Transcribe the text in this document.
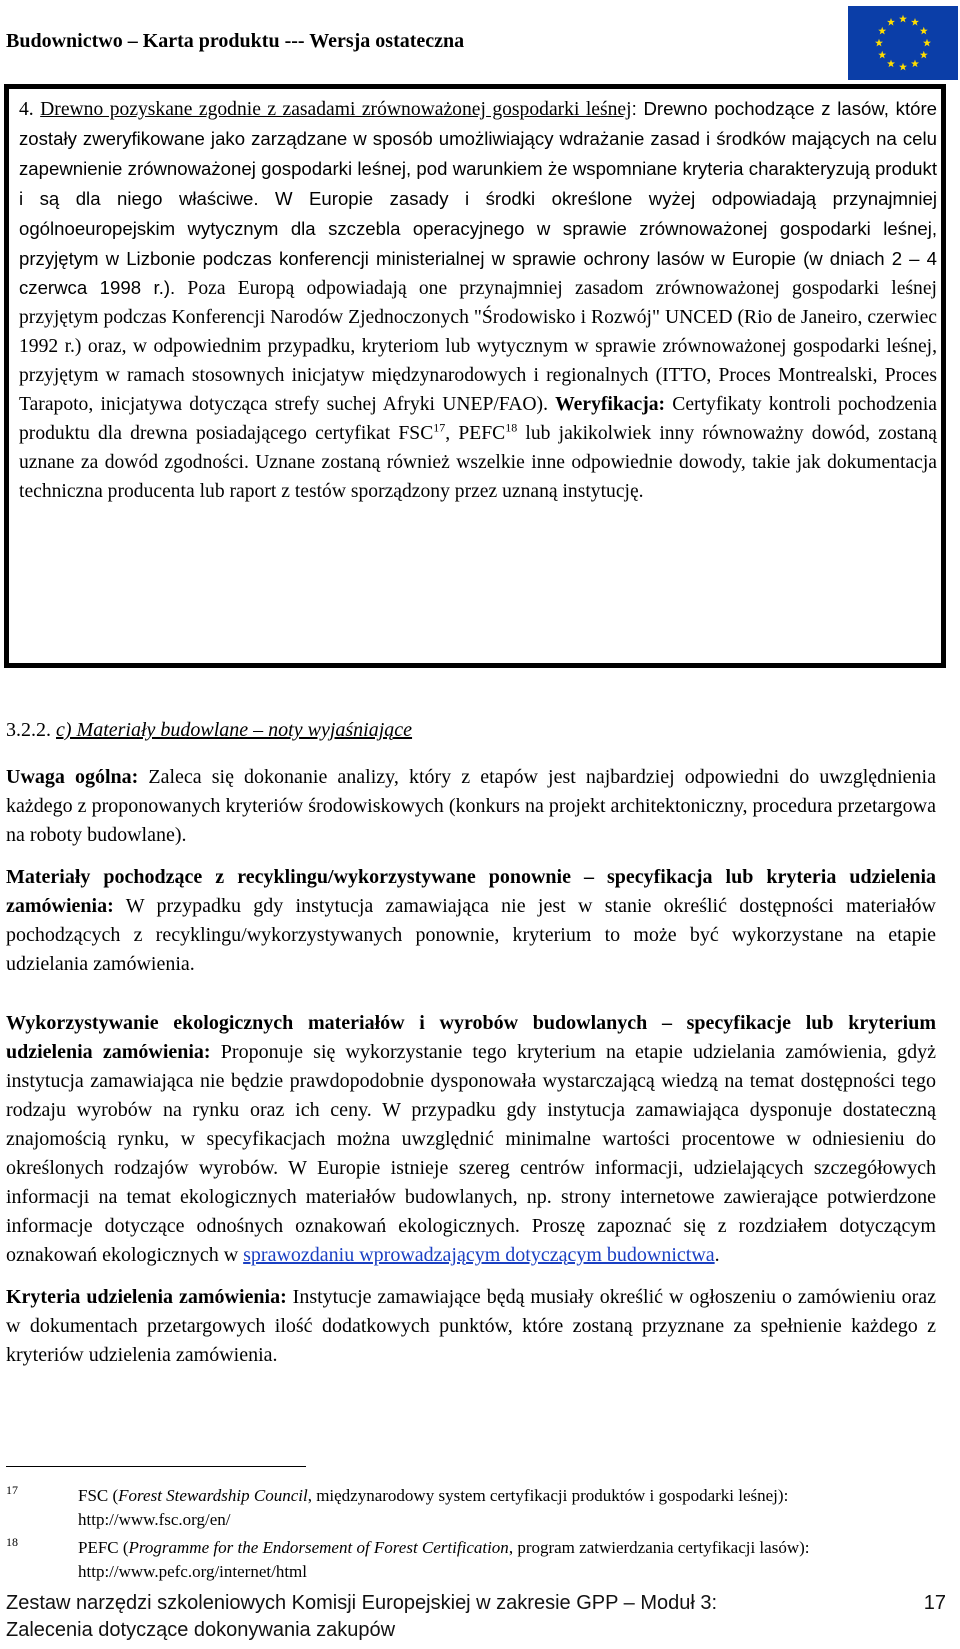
Budownictwo – Karta produktu --- Wersja ostateczna
4. Drewno pozyskane zgodnie z zasadami zrównoważonej gospodarki leśnej: Drewno pochodzące z lasów, które zostały zweryfikowane jako zarządzane w sposób umożliwiający wdrażanie zasad i środków mających na celu zapewnienie zrównoważonej gospodarki leśnej, pod warunkiem że wspomniane kryteria charakteryzują produkt i są dla niego właściwe. W Europie zasady i środki określone wyżej odpowiadają przynajmniej ogólnoeuropejskim wytycznym dla szczebla operacyjnego w sprawie zrównoważonej gospodarki leśnej, przyjętym w Lizbonie podczas konferencji ministerialnej w sprawie ochrony lasów w Europie (w dniach 2 – 4 czerwca 1998 r.). Poza Europą odpowiadają one przynajmniej zasadom zrównoważonej gospodarki leśnej przyjętym podczas Konferencji Narodów Zjednoczonych "Środowisko i Rozwój" UNCED (Rio de Janeiro, czerwiec 1992 r.) oraz, w odpowiednim przypadku, kryteriom lub wytycznym w sprawie zrównoważonej gospodarki leśnej, przyjętym w ramach stosownych inicjatyw międzynarodowych i regionalnych (ITTO, Proces Montrealski, Proces Tarapoto, inicjatywa dotycząca strefy suchej Afryki UNEP/FAO). Weryfikacja: Certyfikaty kontroli pochodzenia produktu dla drewna posiadającego certyfikat FSC$^{17}$, PEFC$^{18}$ lub jakikolwiek inny równoważny dowód, zostaną uznane za dowód zgodności. Uznane zostaną również wszelkie inne odpowiednie dowody, takie jak dokumentacja techniczna producenta lub raport z testów sporządzony przez uznaną instytucję.

3.2.2. c) Materiały budowlane – noty wyjaśniające

Uwaga ogólna: Zaleca się dokonanie analizy, który z etapów jest najbardziej odpowiedni do uwzględnienia każdego z proponowanych kryteriów środowiskowych (konkurs na projekt architektoniczny, procedura przetargowa na roboty budowlane).

Materiały pochodzące z recyklingu/wykorzystywane ponownie – specyfikacja lub kryteria udzielenia zamówienia: W przypadku gdy instytucja zamawiająca nie jest w stanie określić dostępności materiałów pochodzących z recyklingu/wykorzystywanych ponownie, kryterium to może być wykorzystane na etapie udzielania zamówienia.

Wykorzystywanie ekologicznych materiałów i wyrobów budowlanych – specyfikacje lub kryterium udzielenia zamówienia: Proponuje się wykorzystanie tego kryterium na etapie udzielania zamówienia, gdyż instytucja zamawiająca nie będzie prawdopodobnie dysponowała wystarczającą wiedzą na temat dostępności tego rodzaju wyrobów na rynku oraz ich ceny. W przypadku gdy instytucja zamawiająca dysponuje dostateczną znajomością rynku, w specyfikacjach można uwzględnić minimalne wartości procentowe w odniesieniu do określonych rodzajów wyrobów. W Europie istnieje szereg centrów informacji, udzielających szczegółowych informacji na temat ekologicznych materiałów budowlanych, np. strony internetowe zawierające potwierdzone informacje dotyczące odnośnych oznakowań ekologicznych. Proszę zapoznać się z rozdziałem dotyczącym oznakowań ekologicznych w sprawozdaniu wprowadzającym dotyczącym budownictwa.

Kryteria udzielenia zamówienia: Instytucje zamawiające będą musiały określić w ogłoszeniu o zamówieniu oraz w dokumentach przetargowych ilość dodatkowych punktów, które zostaną przyznane za spełnienie każdego z kryteriów udzielenia zamówienia.

17	FSC (Forest Stewardship Council, międzynarodowy system certyfikacji produktów i gospodarki leśnej): http://www.fsc.org/en/
18	PEFC (Programme for the Endorsement of Forest Certification, program zatwierdzania certyfikacji lasów): http://www.pefc.org/internet/html
Zestaw narzędzi szkoleniowych Komisji Europejskiej w zakresie GPP – Moduł 3:
Zalecenia dotyczące dokonywania zakupów
17
